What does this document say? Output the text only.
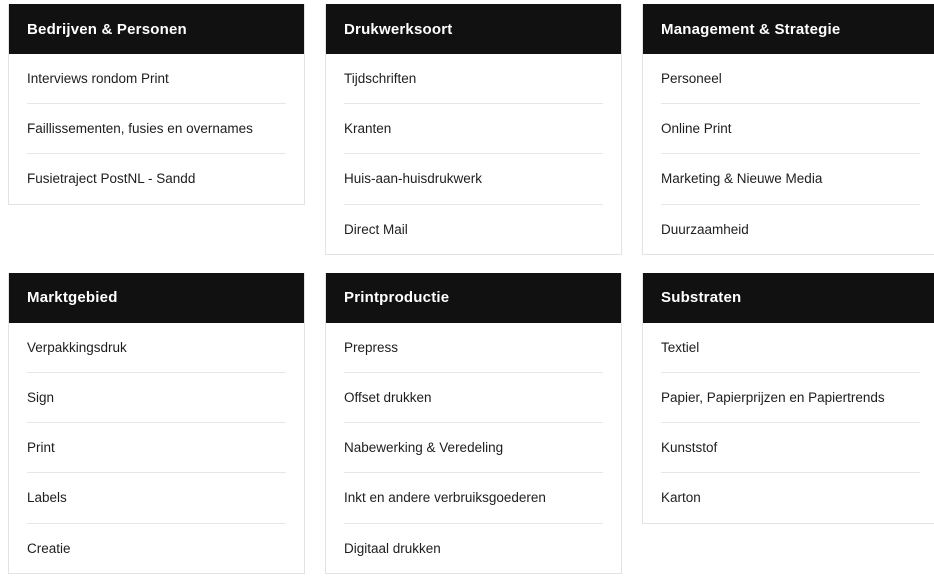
Bedrijven & Personen
Interviews rondom Print
Faillissementen, fusies en overnames
Fusietraject PostNL - Sandd
Drukwerksoort
Tijdschriften
Kranten
Huis-aan-huisdrukwerk
Direct Mail
Management & Strategie
Personeel
Online Print
Marketing & Nieuwe Media
Duurzaamheid
Marktgebied
Verpakkingsdruk
Sign
Print
Labels
Creatie
Printproductie
Prepress
Offset drukken
Nabewerking & Veredeling
Inkt en andere verbruiksgoederen
Digitaal drukken
Substraten
Textiel
Papier, Papierprijzen en Papiertrends
Kunststof
Karton
